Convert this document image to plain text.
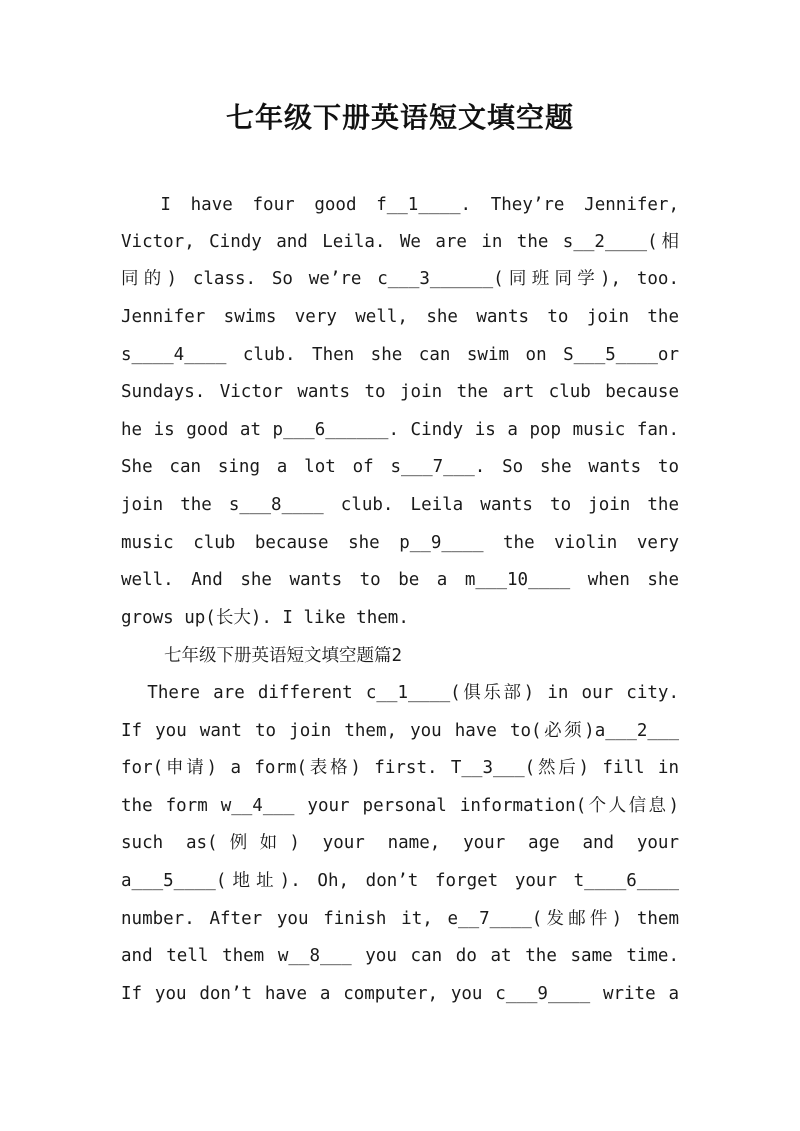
七年级下册英语短文填空题
I have four good f__1____. They’re Jennifer,
Victor, Cindy and Leila. We are in the s__2____(相
同的) class. So we’re c___3______(同班同学), too.
Jennifer swims very well, she wants to join the
s____4____ club. Then she can swim on S___5____or
Sundays. Victor wants to join the art club because
he is good at p___6______. Cindy is a pop music fan.
She can sing a lot of s___7___. So she wants to
join the s___8____ club. Leila wants to join the
music club because she p__9____ the violin very
well. And she wants to be a m___10____ when she
grows up(长大). I like them.
七年级下册英语短文填空题篇2
There are different c__1____(俱乐部) in our city.
If you want to join them, you have to(必须)a___2___
for(申请) a form(表格) first. T__3___(然后) fill in
the form w__4___ your personal information(个人信息)
such as(例如) your name, your age and your
a___5____(地址). Oh, don’t forget your t____6____
number. After you finish it, e__7____(发邮件) them
and tell them w__8___ you can do at the same time.
If you don’t have a computer, you c___9____ write a
